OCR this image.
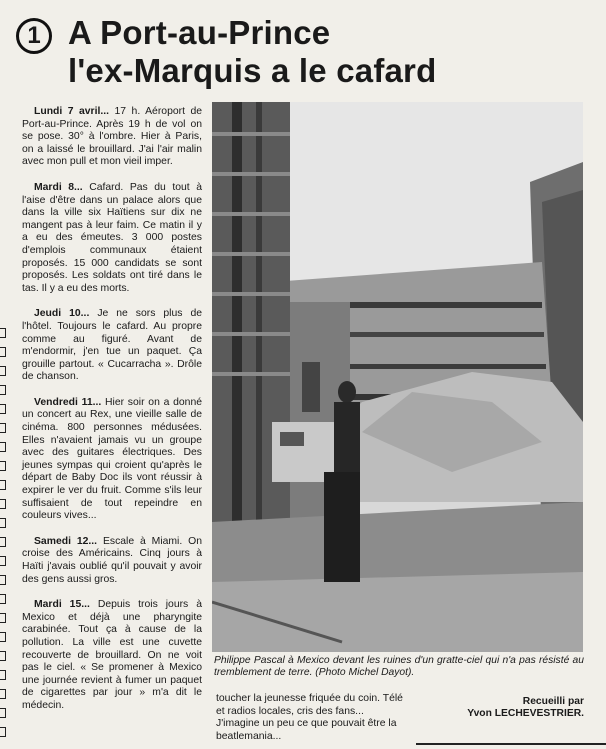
1 A Port-au-Prince
l'ex-Marquis a le cafard

Lundi 7 avril... 17 h. Aéroport de Port-au-Prince. Après 19 h de vol on se pose. 30° à l'ombre. Hier à Paris, on a laissé le brouillard. J'ai l'air malin avec mon pull et mon vieil imper.

Mardi 8... Cafard. Pas du tout à l'aise d'être dans un palace alors que dans la ville six Haïtiens sur dix ne mangent pas à leur faim. Ce matin il y a eu des émeutes. 3 000 postes d'emplois communaux étaient proposés. 15 000 candidats se sont proposés. Les soldats ont tiré dans le tas. Il y a eu des morts.

Jeudi 10... Je ne sors plus de l'hôtel. Toujours le cafard. Au propre comme au figuré. Avant de m'endormir, j'en tue un paquet. Ça grouille partout. « Cucarracha ». Drôle de chanson.

Vendredi 11... Hier soir on a donné un concert au Rex, une vieille salle de cinéma. 800 personnes médusées. Elles n'avaient jamais vu un groupe avec des guitares électriques. Des jeunes sympas qui croient qu'après le départ de Baby Doc ils vont réussir à expirer le ver du fruit. Comme s'ils leur suffisaient de tout repeindre en couleurs vives...

Samedi 12... Escale à Miami. On croise des Américains. Cinq jours à Haïti j'avais oublié qu'il pouvait y avoir des gens aussi gros.

Mardi 15... Depuis trois jours à Mexico et déjà une pharyngite carabinée. Tout ça à cause de la pollution. La ville est une cuvette recouverte de brouillard. On ne voit pas le ciel. « Se promener à Mexico une journée revient à fumer un paquet de cigarettes par jour » m'a dit le médecin.

Philippe Pascal à Mexico devant les ruines d'un gratte-ciel qui n'a pas résisté au tremblement de terre. (Photo Michel Dayot).
toucher la jeunesse friquée du coin. Télé et radios locales, cris des fans... J'imagine un peu ce que pouvait être la beatlemania...
Recueilli par
Yvon LECHEVESTRIER.
